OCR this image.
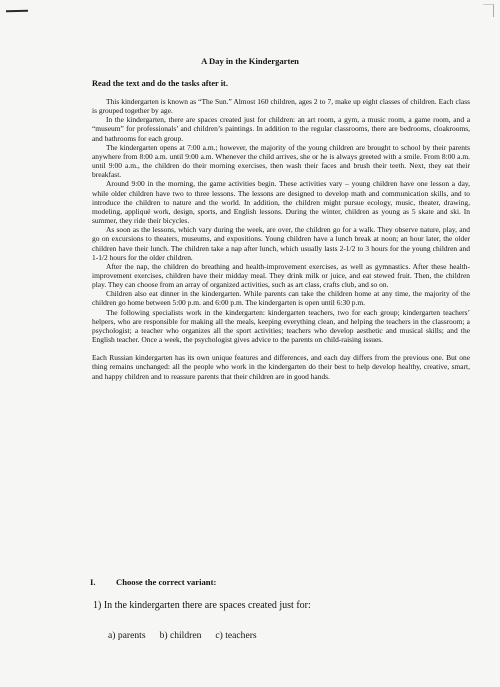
A Day in the Kindergarten
Read the text and do the tasks after it.

This kindergarten is known as “The Sun.” Almost 160 children, ages 2 to 7, make up eight classes of children. Each class is grouped together by age.

In the kindergarten, there are spaces created just for children: an art room, a gym, a music room, a game room, and a “museum” for professionals’ and children’s paintings. In addition to the regular classrooms, there are bedrooms, cloakrooms, and bathrooms for each group.

The kindergarten opens at 7:00 a.m.; however, the majority of the young children are brought to school by their parents anywhere from 8:00 a.m. until 9:00 a.m. Whenever the child arrives, she or he is always greeted with a smile. From 8:00 a.m. until 9:00 a.m., the children do their morning exercises, then wash their faces and brush their teeth. Next, they eat their breakfast.

Around 9:00 in the morning, the game activities begin. These activities vary – young children have one lesson a day, while older children have two to three lessons. The lessons are designed to develop math and communication skills, and to introduce the children to nature and the world. In addition, the children might pursue ecology, music, theater, drawing, modeling, appliqué work, design, sports, and English lessons. During the winter, children as young as 5 skate and ski. In summer, they ride their bicycles.

As soon as the lessons, which vary during the week, are over, the children go for a walk. They observe nature, play, and go on excursions to theaters, museums, and expositions. Young children have a lunch break at noon; an hour later, the older children have their lunch. The children take a nap after lunch, which usually lasts 2-1/2 to 3 hours for the young children and 1-1/2 hours for the older children.

After the nap, the children do breathing and health-improvement exercises, as well as gymnastics. After these health-improvement exercises, children have their midday meal. They drink milk or juice, and eat stewed fruit. Then, the children play. They can choose from an array of organized activities, such as art class, crafts club, and so on.

Children also eat dinner in the kindergarten. While parents can take the children home at any time, the majority of the children go home between 5:00 p.m. and 6:00 p.m. The kindergarten is open until 6:30 p.m.

The following specialists work in the kindergarten: kindergarten teachers, two for each group; kindergarten teachers’ helpers, who are responsible for making all the meals, keeping everything clean, and helping the teachers in the classroom; a psychologist; a teacher who organizes all the sport activities; teachers who develop aesthetic and musical skills; and the English teacher. Once a week, the psychologist gives advice to the parents on child-raising issues.

Each Russian kindergarten has its own unique features and differences, and each day differs from the previous one. But one thing remains unchanged: all the people who work in the kindergarten do their best to help develop healthy, creative, smart, and happy children and to reassure parents that their children are in good hands.

I. Choose the correct variant:
1) In the kindergarten there are spaces created just for:
a) parents b) children c) teachers
